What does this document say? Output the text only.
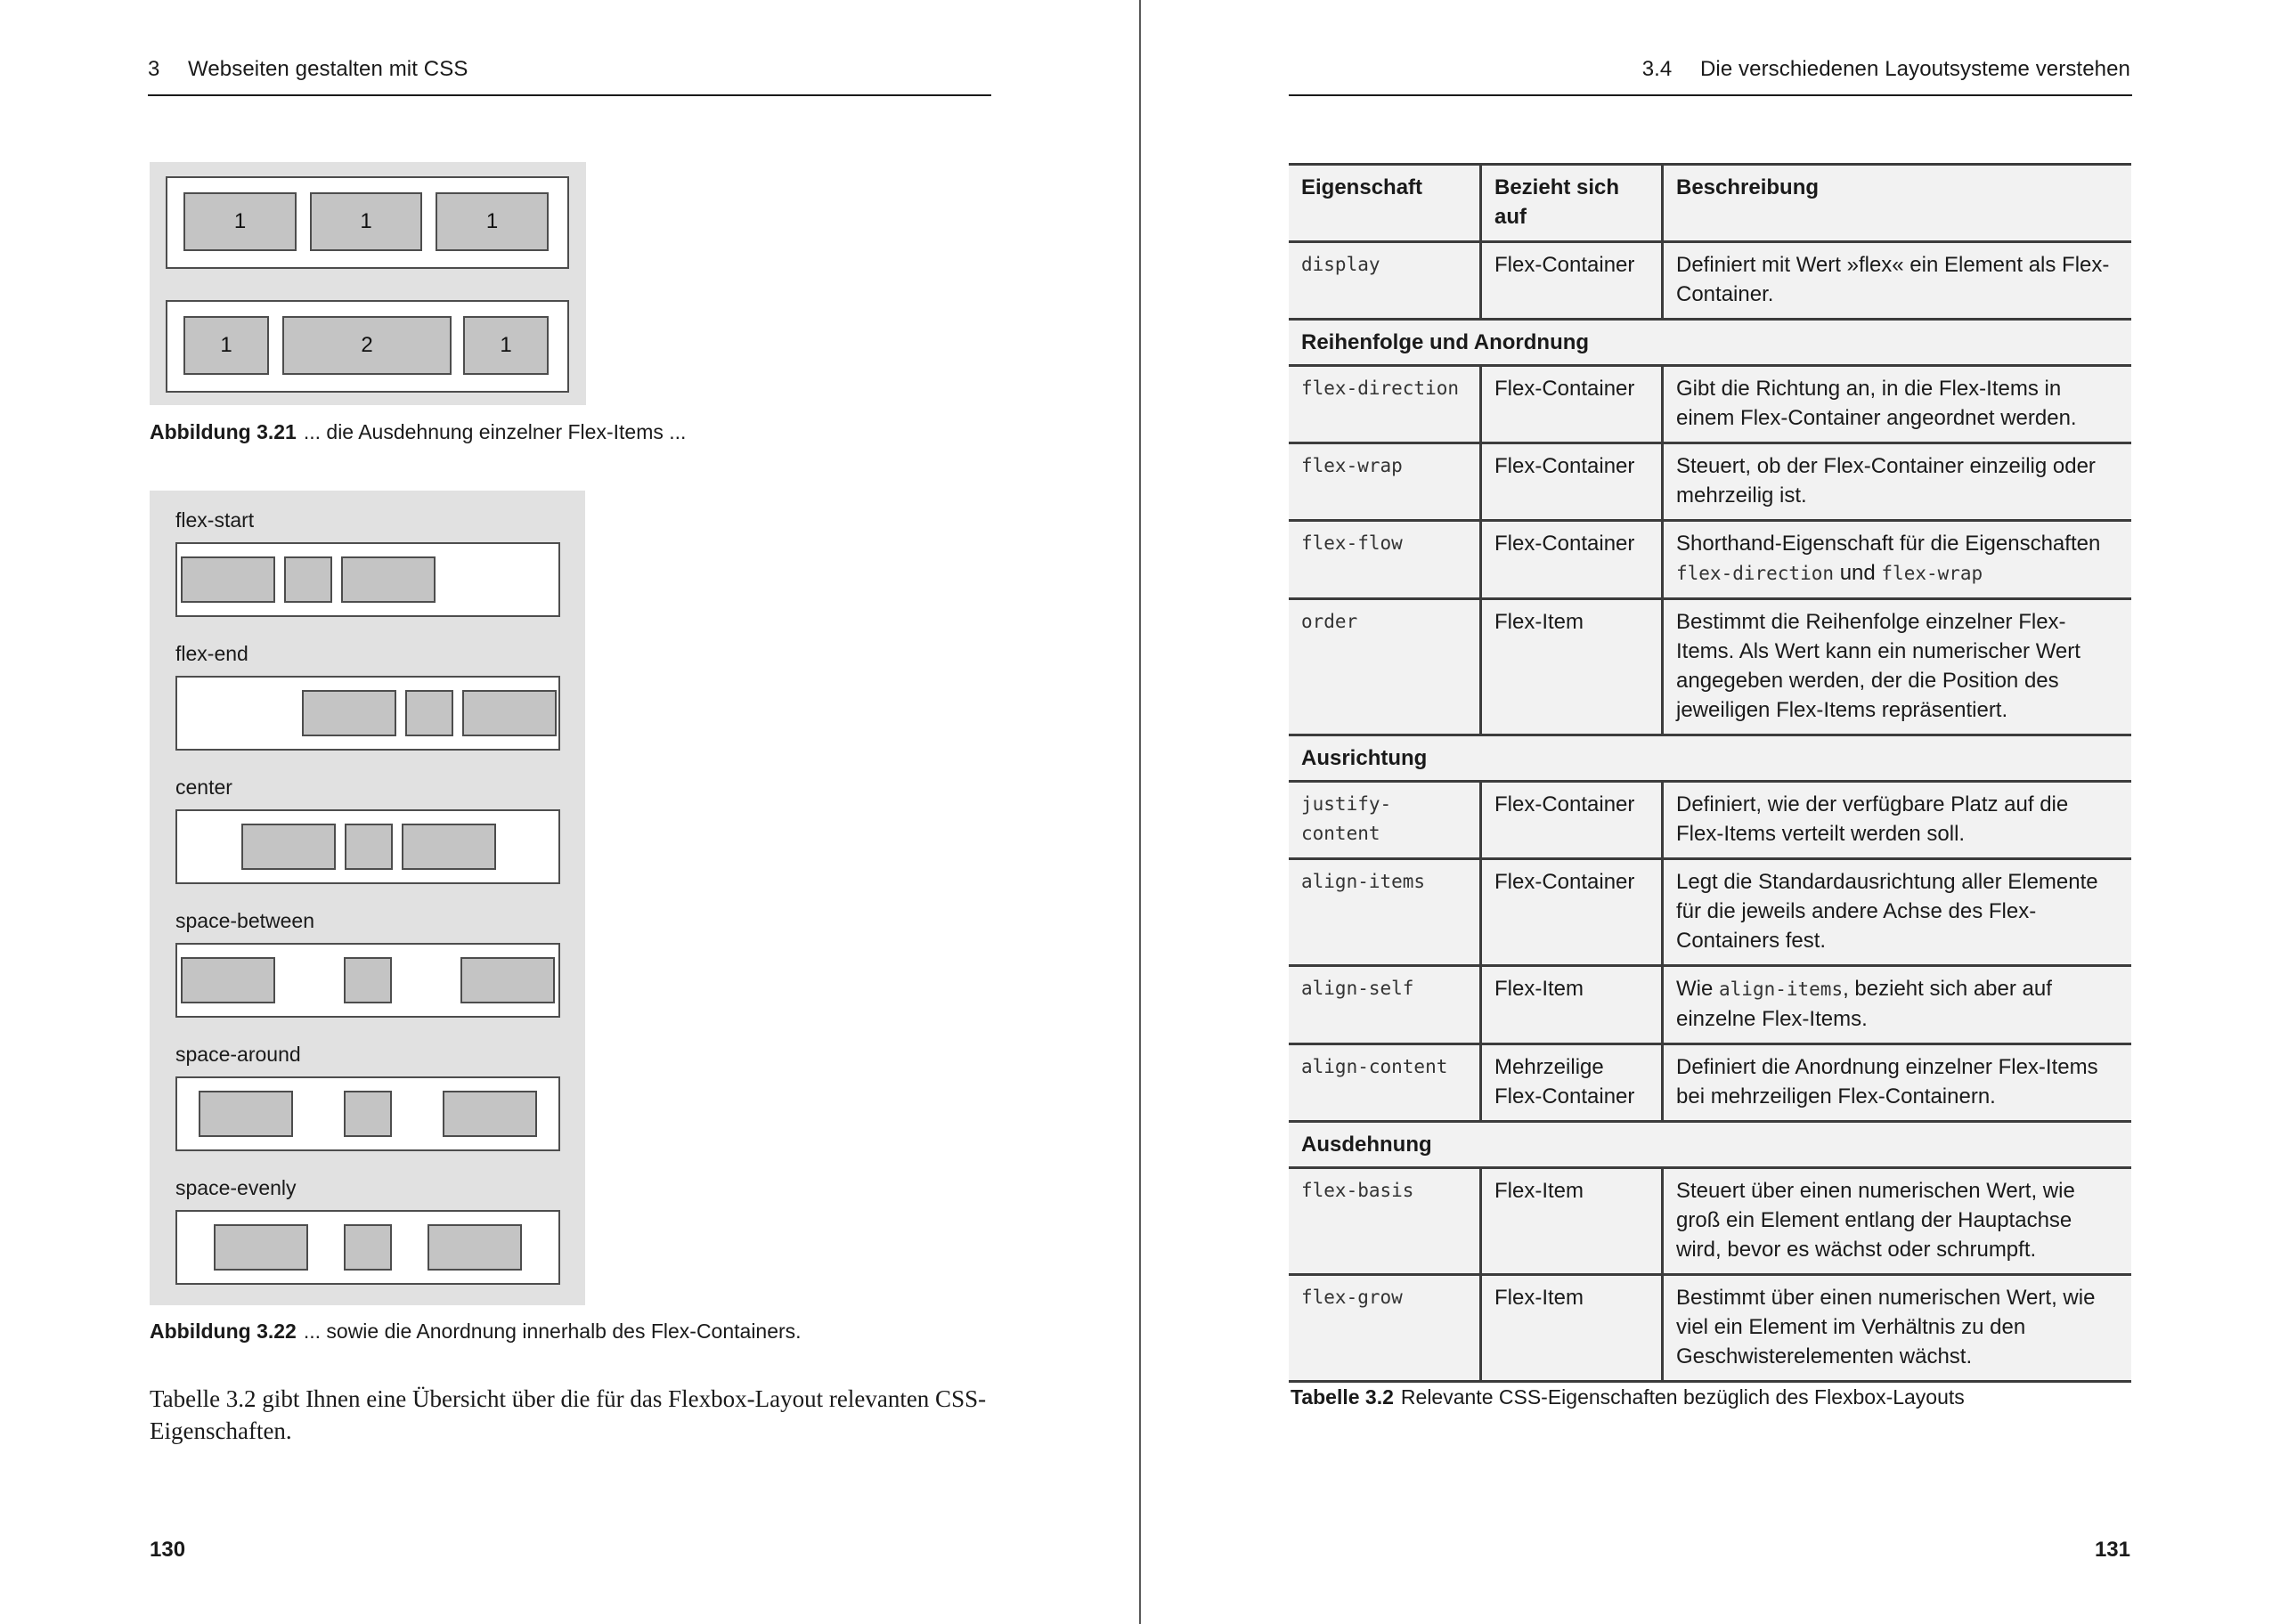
3 Webseiten gestalten mit CSS
1	1	1
1	2	1
Abbildung 3.21 ... die Ausdehnung einzelner Flex-Items ...
flex-start
flex-end
center
space-between
space-around
space-evenly
Abbildung 3.22 ... sowie die Anordnung innerhalb des Flex-Containers.
Tabelle 3.2 gibt Ihnen eine Übersicht über die für das Flexbox-Layout relevanten CSS-
Eigenschaften.
130
3.4 Die verschiedenen Layoutsysteme verstehen
Eigenschaft	Bezieht sich auf	Beschreibung
display	Flex-Container	Definiert mit Wert »flex« ein Element als Flex-Container.
Reihenfolge und Anordnung		
flex-direction	Flex-Container	Gibt die Richtung an, in die Flex-Items in einem Flex-Container angeordnet werden.
flex-wrap	Flex-Container	Steuert, ob der Flex-Container einzeilig oder mehrzeilig ist.
flex-flow	Flex-Container	Shorthand-Eigenschaft für die Eigenschaften
flex-direction und flex-wrap
order	Flex-Item	Bestimmt die Reihenfolge einzelner Flex-Items. Als Wert kann ein numerischer Wert angegeben werden, der die Position des jeweiligen Flex-Items repräsentiert.
Ausrichtung		
justify-content	Flex-Container	Definiert, wie der verfügbare Platz auf die Flex-Items verteilt werden soll.
align-items	Flex-Container	Legt die Standardausrichtung aller Elemente für die jeweils andere Achse des Flex-Containers fest.
align-self	Flex-Item	Wie align-items, bezieht sich aber auf einzelne Flex-Items.
align-content	Mehrzeilige Flex-Container	Definiert die Anordnung einzelner Flex-Items bei mehrzeiligen Flex-Containern.
Ausdehnung		
flex-basis	Flex-Item	Steuert über einen numerischen Wert, wie groß ein Element entlang der Hauptachse wird, bevor es wächst oder schrumpft.
flex-grow	Flex-Item	Bestimmt über einen numerischen Wert, wie viel ein Element im Verhältnis zu den Geschwisterelementen wächst.
Tabelle 3.2 Relevante CSS-Eigenschaften bezüglich des Flexbox-Layouts
131
